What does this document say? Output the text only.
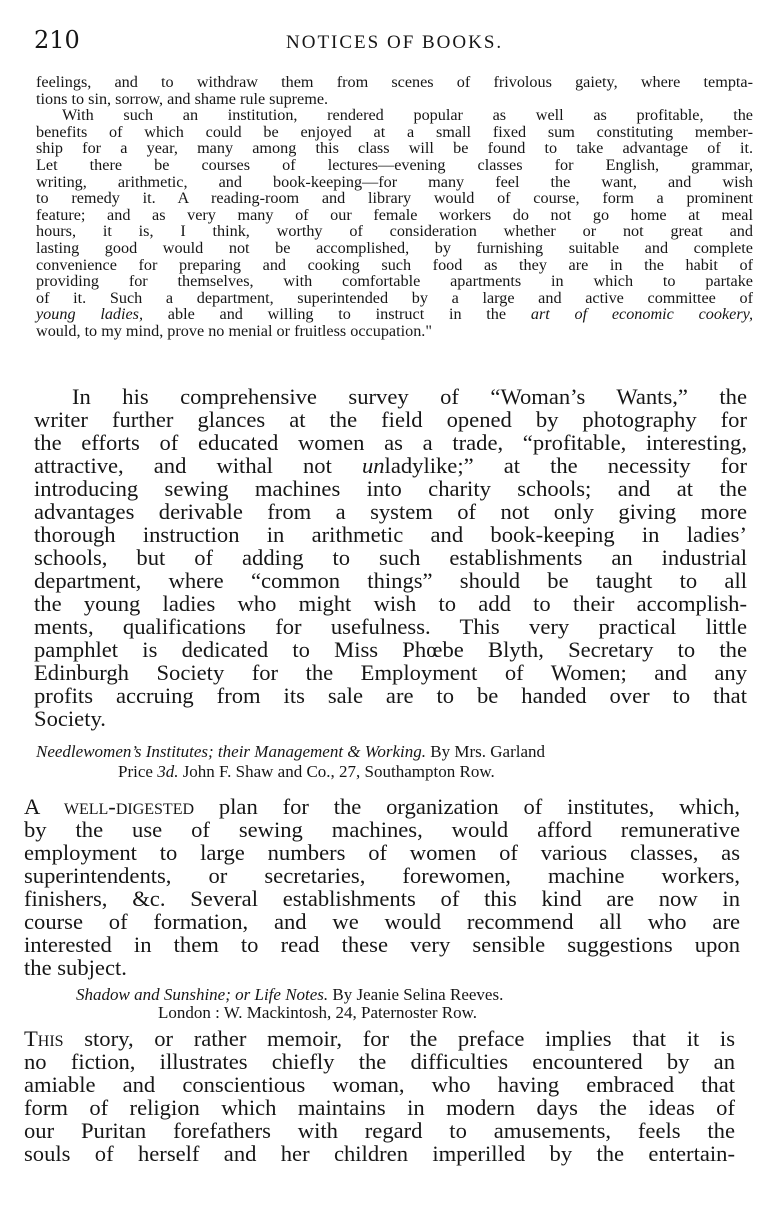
210	NOTICES OF BOOKS.
feelings, and to withdraw them from scenes of frivolous gaiety, where tempta-
tions to sin, sorrow, and shame rule supreme.
With such an institution, rendered popular as well as profitable, the
benefits of which could be enjoyed at a small fixed sum constituting member-
ship for a year, many among this class will be found to take advantage of it.
Let there be courses of lectures—evening classes for English, grammar,
writing, arithmetic, and book-keeping—for many feel the want, and wish
to remedy it. A reading-room and library would of course, form a prominent
feature; and as very many of our female workers do not go home at meal
hours, it is, I think, worthy of consideration whether or not great and
lasting good would not be accomplished, by furnishing suitable and complete
convenience for preparing and cooking such food as they are in the habit of
providing for themselves, with comfortable apartments in which to partake
of it. Such a department, superintended by a large and active committee of
young ladies, able and willing to instruct in the art of economic cookery,
would, to my mind, prove no menial or fruitless occupation."
In his comprehensive survey of “Woman’s Wants,” the
writer further glances at the field opened by photography for
the efforts of educated women as a trade, “profitable, interesting,
attractive, and withal not unladylike;” at the necessity for
introducing sewing machines into charity schools; and at the
advantages derivable from a system of not only giving more
thorough instruction in arithmetic and book-keeping in ladies’
schools, but of adding to such establishments an industrial
department, where “common things” should be taught to all
the young ladies who might wish to add to their accomplish-
ments, qualifications for usefulness. This very practical little
pamphlet is dedicated to Miss Phœbe Blyth, Secretary to the
Edinburgh Society for the Employment of Women; and any
profits accruing from its sale are to be handed over to that
Society.
Needlewomen’s Institutes; their Management & Working. By Mrs. Garland
Price 3d. John F. Shaw and Co., 27, Southampton Row.
A well-digested plan for the organization of institutes, which,
by the use of sewing machines, would afford remunerative
employment to large numbers of women of various classes, as
superintendents, or secretaries, forewomen, machine workers,
finishers, &c. Several establishments of this kind are now in
course of formation, and we would recommend all who are
interested in them to read these very sensible suggestions upon
the subject.
Shadow and Sunshine; or Life Notes. By Jeanie Selina Reeves.
London : W. Mackintosh, 24, Paternoster Row.
This story, or rather memoir, for the preface implies that it is
no fiction, illustrates chiefly the difficulties encountered by an
amiable and conscientious woman, who having embraced that
form of religion which maintains in modern days the ideas of
our Puritan forefathers with regard to amusements, feels the
souls of herself and her children imperilled by the entertain-
